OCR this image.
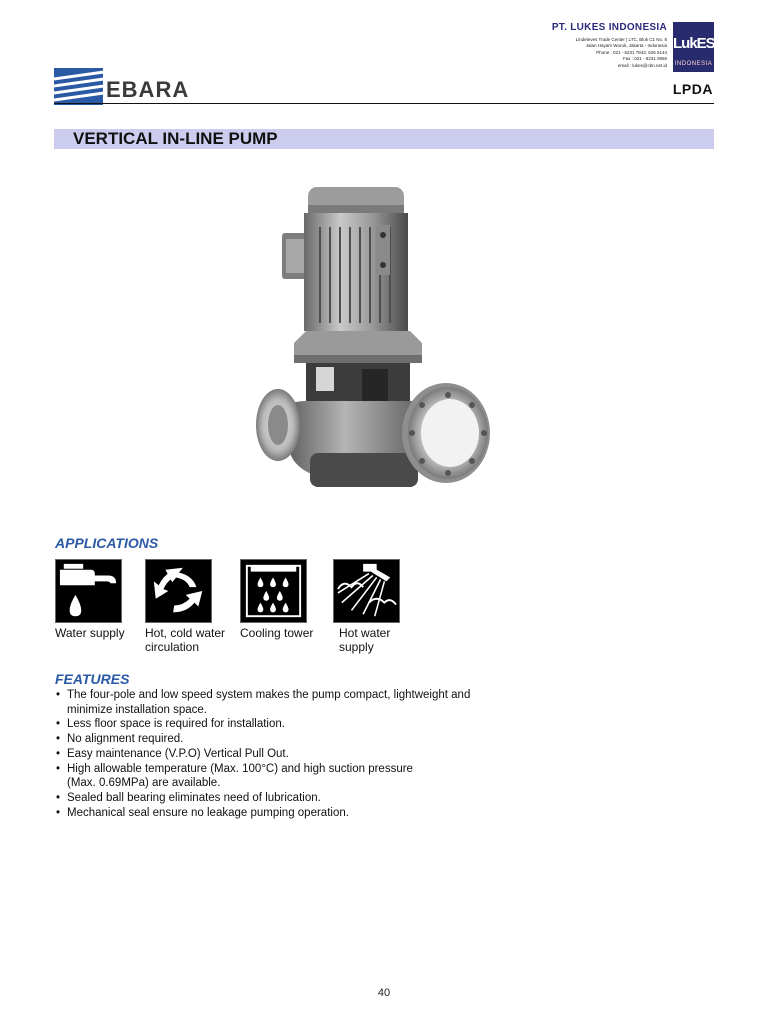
EBARA
PT. LUKES INDONESIA
Lindeteves Trade Center | LTC, Blok C1 No. 8
Jalan Hayam Wuruk, Jakarta - Indonesia
Phone : 021 - 6231 7843, 626 5144
Fax : 021 - 6231 0856
email : lukes@cbn.net.id
LukES
INDONESIA
LPDA
VERTICAL IN-LINE PUMP
APPLICATIONS
Water supply Hot, cold water
circulation
Cooling tower Hot water
supply
FEATURES
• The four-pole and low speed system makes the pump compact, lightweight and
minimize installation space.
• Less floor space is required for installation.
• No alignment required.
• Easy maintenance (V.P.O) Vertical Pull Out.
• High allowable temperature (Max. 100°C) and high suction pressure
(Max. 0.69MPa) are available.
• Sealed ball bearing eliminates need of lubrication.
• Mechanical seal ensure no leakage pumping operation.
40
